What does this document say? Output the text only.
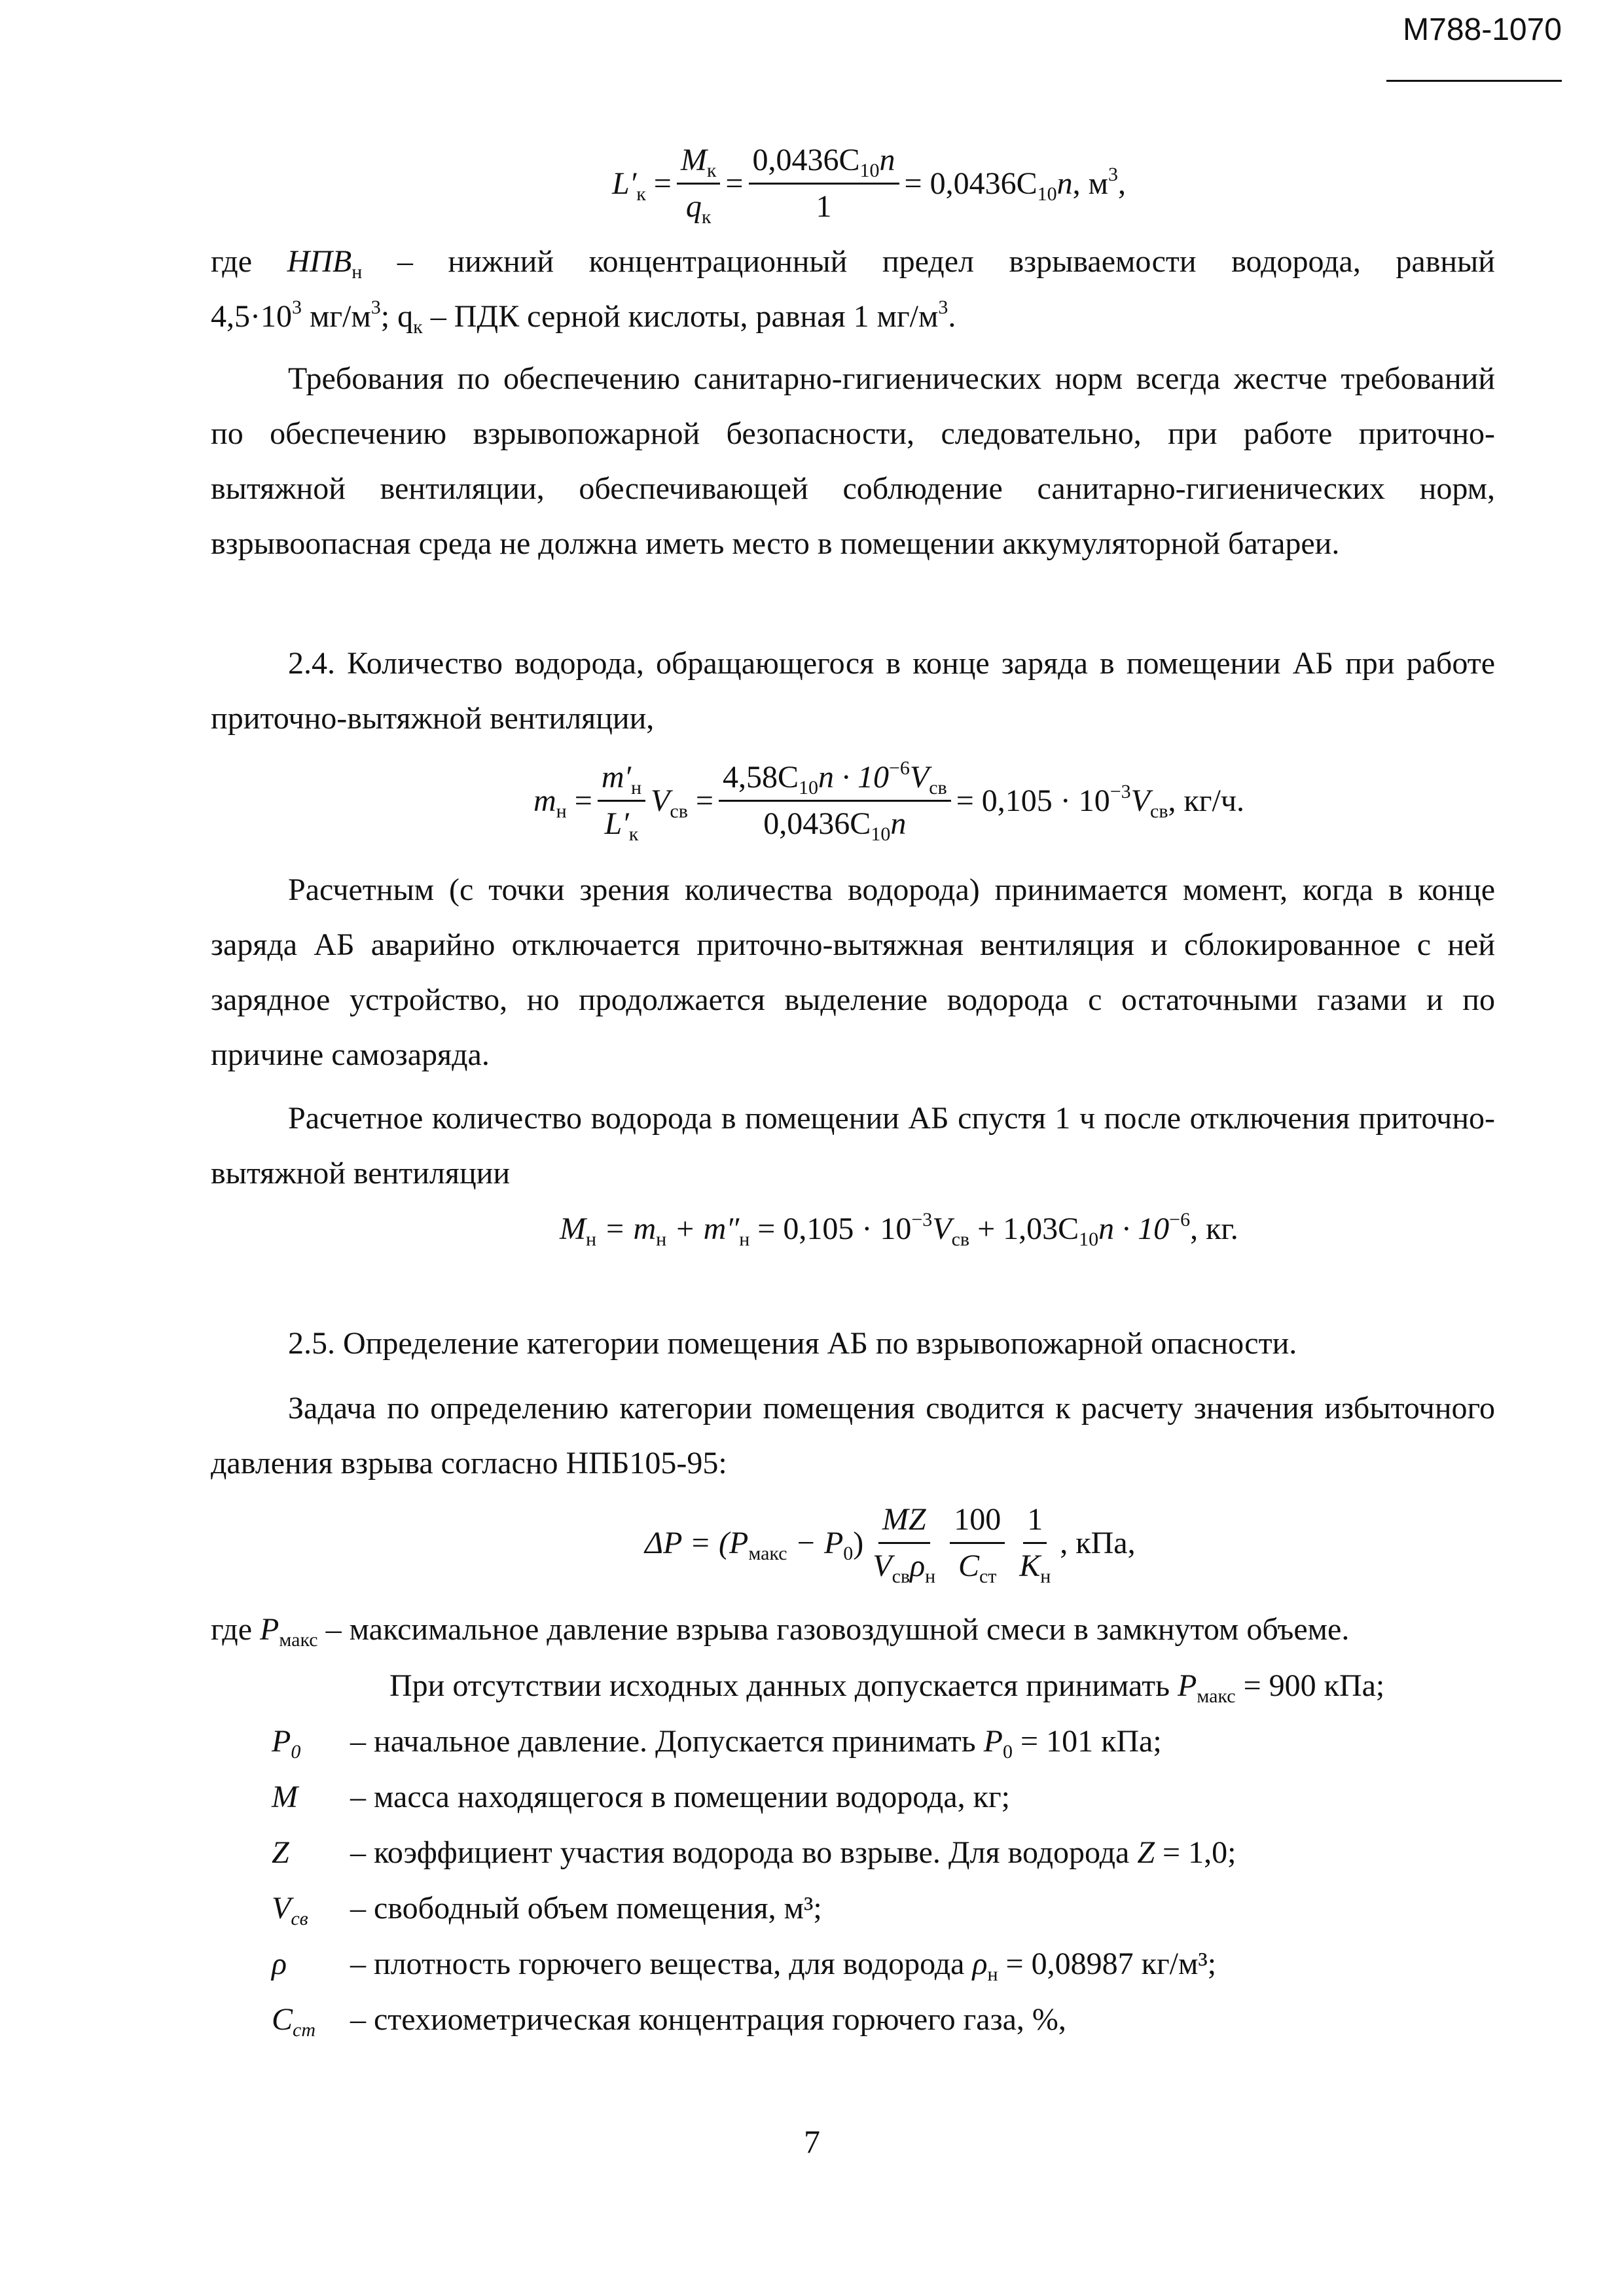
М788-1070
$L'_к = \frac{M_к}{q_к} = \frac{0,0436C_{10}n}{1} = 0,0436C_{10}n$, $м^3$,
где $НПВ_н$ – нижний концентрационный предел взрываемости водорода, равный
$4,5\cdot 10^3$ $мг/м^3$; $q_к$ – ПДК серной кислоты, равная 1 $мг/м^3$.

Требования по обеспечению санитарно-гигиенических норм всегда жестче требований по обеспечению взрывопожарной безопасности, следовательно, при работе приточно-вытяжной вентиляции, обеспечивающей соблюдение санитарно-гигиенических норм, взрывоопасная среда не должна иметь место в помещении аккумуляторной батареи.

2.4. Количество водорода, обращающегося в конце заряда в помещении АБ при работе приточно-вытяжной вентиляции,

$m_н = \frac{m'_н}{L'_к} V_{св} = \frac{4,58C_{10}n \cdot 10^{-6}V_{св}}{0,0436C_{10}n} = 0,105 \cdot 10^{-3}V_{св}$, кг/ч.

Расчетным (с точки зрения количества водорода) принимается момент, когда в конце заряда АБ аварийно отключается приточно-вытяжная вентиляция и сблокированное с ней зарядное устройство, но продолжается выделение водорода с остаточными газами и по причине самозаряда.

Расчетное количество водорода в помещении АБ спустя 1 ч после отключения приточно-вытяжной вентиляции

$M_н = m_н + m''_н = 0,105 \cdot 10^{-3}V_{св} + 1,03C_{10}n \cdot 10^{-6}$, кг.
2.5. Определение категории помещения АБ по взрывопожарной опасности.

Задача по определению категории помещения сводится к расчету значения избыточного давления взрыва согласно НПБ105-95:

$\Delta P = (P_{макс} - P_0) \frac{MZ}{V_{св}\rho_н} \frac{100}{C_{ст}} \frac{1}{K_н}$ , кПа,
где $P_{макс}$ – максимальное давление взрыва газовоздушной смеси в замкнутом объеме.
При отсутствии исходных данных допускается принимать $P_{макс} = 900$ кПа;
$P_0$ – начальное давление. Допускается принимать $P_0 = 101$ кПа;
M – масса находящегося в помещении водорода, кг;
Z – коэффициент участия водорода во взрыве. Для водорода Z = 1,0;
$V_{св}$ – свободный объем помещения, м³;
ρ – плотность горючего вещества, для водорода $\rho_н = 0,08987$ кг/м³;
$C_{ст}$ – стехиометрическая концентрация горючего газа, %,
7
